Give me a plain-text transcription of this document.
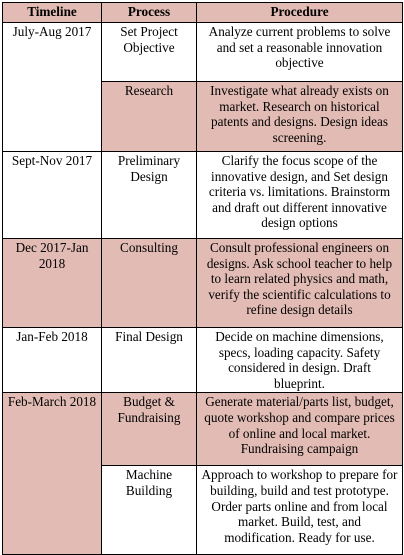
Timeline	Process	Procedure
July-Aug 2017	Set Project Objective	Analyze current problems to solve and set a reasonable innovation objective
	Research	Investigate what already exists on market. Research on historical patents and designs. Design ideas screening.
Sept-Nov 2017	Preliminary Design	Clarify the focus scope of the innovative design, and Set design criteria vs. limitations. Brainstorm and draft out different innovative design options
Dec 2017-Jan 2018	Consulting	Consult professional engineers on designs. Ask school teacher to help to learn related physics and math, verify the scientific calculations to refine design details
Jan-Feb 2018	Final Design	Decide on machine dimensions, specs, loading capacity. Safety considered in design. Draft blueprint.
Feb-March 2018	Budget & Fundraising	Generate material/parts list, budget, quote workshop and compare prices of online and local market. Fundraising campaign
	Machine Building	Approach to workshop to prepare for building, build and test prototype. Order parts online and from local market. Build, test, and modification. Ready for use.
